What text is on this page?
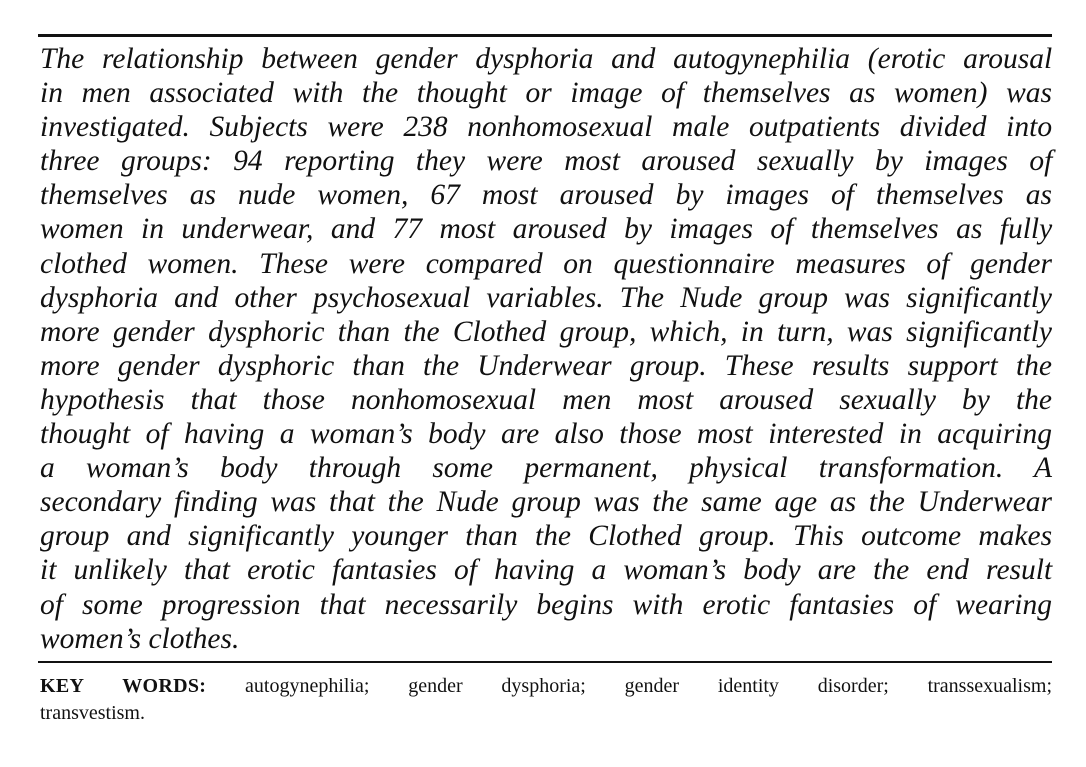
The relationship between gender dysphoria and autogynephilia (erotic arousal
in men associated with the thought or image of themselves as women) was
investigated. Subjects were 238 nonhomosexual male outpatients divided into
three groups: 94 reporting they were most aroused sexually by images of
themselves as nude women, 67 most aroused by images of themselves as
women in underwear, and 77 most aroused by images of themselves as fully
clothed women. These were compared on questionnaire measures of gender
dysphoria and other psychosexual variables. The Nude group was significantly
more gender dysphoric than the Clothed group, which, in turn, was significantly
more gender dysphoric than the Underwear group. These results support the
hypothesis that those nonhomosexual men most aroused sexually by the
thought of having a woman’s body are also those most interested in acquiring
a woman’s body through some permanent, physical transformation. A
secondary finding was that the Nude group was the same age as the Underwear
group and significantly younger than the Clothed group. This outcome makes
it unlikely that erotic fantasies of having a woman’s body are the end result
of some progression that necessarily begins with erotic fantasies of wearing
women’s clothes.

KEY WORDS: autogynephilia; gender dysphoria; gender identity disorder; transsexualism;
transvestism.
